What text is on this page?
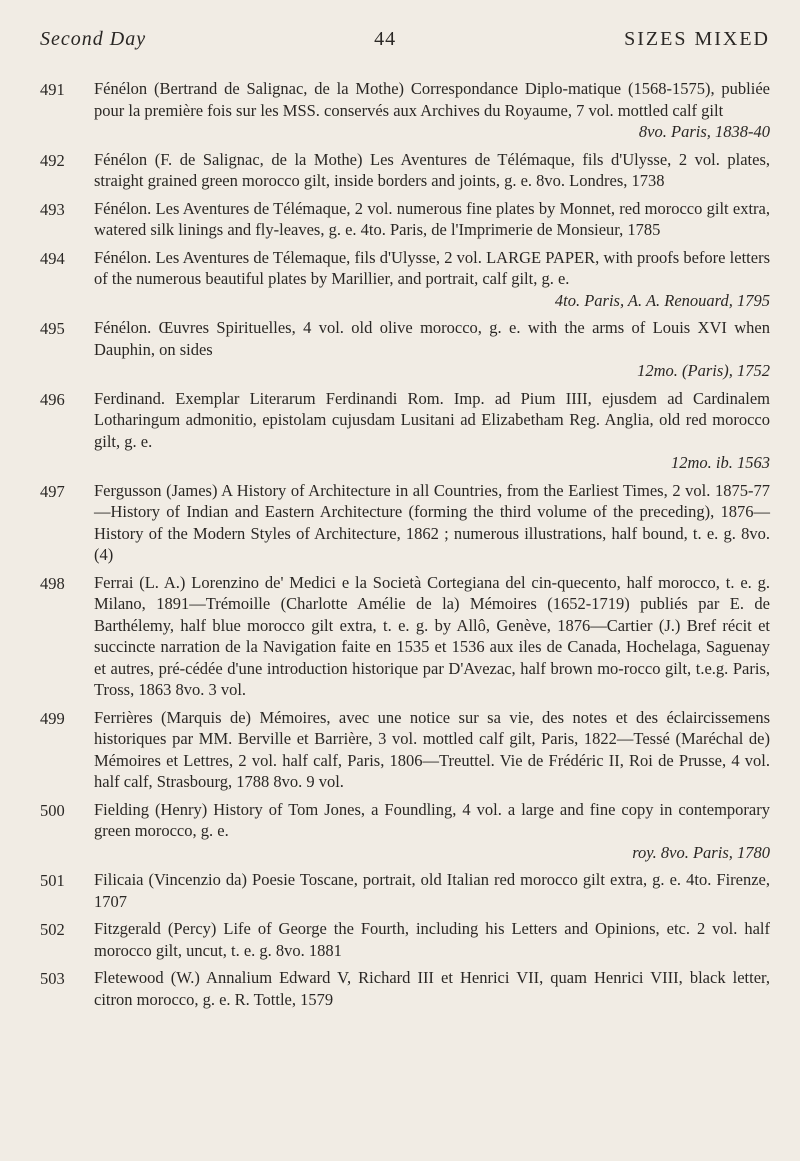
Second Day	44	SIZES MIXED
491	Fénélon (Bertrand de Salignac, de la Mothe) Correspondance Diplo-matique (1568-1575), publiée pour la première fois sur les MSS. conservés aux Archives du Royaume, 7 vol. mottled calf gilt
8vo. Paris, 1838-40
492	Fénélon (F. de Salignac, de la Mothe) Les Aventures de Télémaque, fils d'Ulysse, 2 vol. plates, straight grained green morocco gilt, inside borders and joints, g. e. 8vo. Londres, 1738
493	Fénélon. Les Aventures de Télémaque, 2 vol. numerous fine plates by Monnet, red morocco gilt extra, watered silk linings and fly-leaves, g. e. 4to. Paris, de l'Imprimerie de Monsieur, 1785
494	Fénélon. Les Aventures de Télemaque, fils d'Ulysse, 2 vol. LARGE PAPER, with proofs before letters of the numerous beautiful plates by Marillier, and portrait, calf gilt, g. e.
4to. Paris, A. A. Renouard, 1795
495	Fénélon. Œuvres Spirituelles, 4 vol. old olive morocco, g. e. with the arms of Louis XVI when Dauphin, on sides
12mo. (Paris), 1752
496	Ferdinand. Exemplar Literarum Ferdinandi Rom. Imp. ad Pium IIII, ejusdem ad Cardinalem Lotharingum admonitio, epistolam cujusdam Lusitani ad Elizabetham Reg. Anglia, old red morocco gilt, g. e.
12mo. ib. 1563
497	Fergusson (James) A History of Architecture in all Countries, from the Earliest Times, 2 vol. 1875-77—History of Indian and Eastern Architecture (forming the third volume of the preceding), 1876—History of the Modern Styles of Architecture, 1862 ; numerous illustrations, half bound, t. e. g. 8vo. (4)
498	Ferrai (L. A.) Lorenzino de' Medici e la Società Cortegiana del cin-quecento, half morocco, t. e. g. Milano, 1891—Trémoille (Charlotte Amélie de la) Mémoires (1652-1719) publiés par E. de Barthélemy, half blue morocco gilt extra, t. e. g. by Allô, Genève, 1876—Cartier (J.) Bref récit et succincte narration de la Navigation faite en 1535 et 1536 aux iles de Canada, Hochelaga, Saguenay et autres, pré-cédée d'une introduction historique par D'Avezac, half brown mo-rocco gilt, t.e.g. Paris, Tross, 1863 8vo. 3 vol.
499	Ferrières (Marquis de) Mémoires, avec une notice sur sa vie, des notes et des éclaircissemens historiques par MM. Berville et Barrière, 3 vol. mottled calf gilt, Paris, 1822—Tessé (Maréchal de) Mémoires et Lettres, 2 vol. half calf, Paris, 1806—Treuttel. Vie de Frédéric II, Roi de Prusse, 4 vol. half calf, Strasbourg, 1788 8vo. 9 vol.
500	Fielding (Henry) History of Tom Jones, a Foundling, 4 vol. a large and fine copy in contemporary green morocco, g. e.
roy. 8vo. Paris, 1780
501	Filicaia (Vincenzio da) Poesie Toscane, portrait, old Italian red morocco gilt extra, g. e. 4to. Firenze, 1707
502	Fitzgerald (Percy) Life of George the Fourth, including his Letters and Opinions, etc. 2 vol. half morocco gilt, uncut, t. e. g. 8vo. 1881
503	Fletewood (W.) Annalium Edward V, Richard III et Henrici VII, quam Henrici VIII, black letter, citron morocco, g. e. R. Tottle, 1579
